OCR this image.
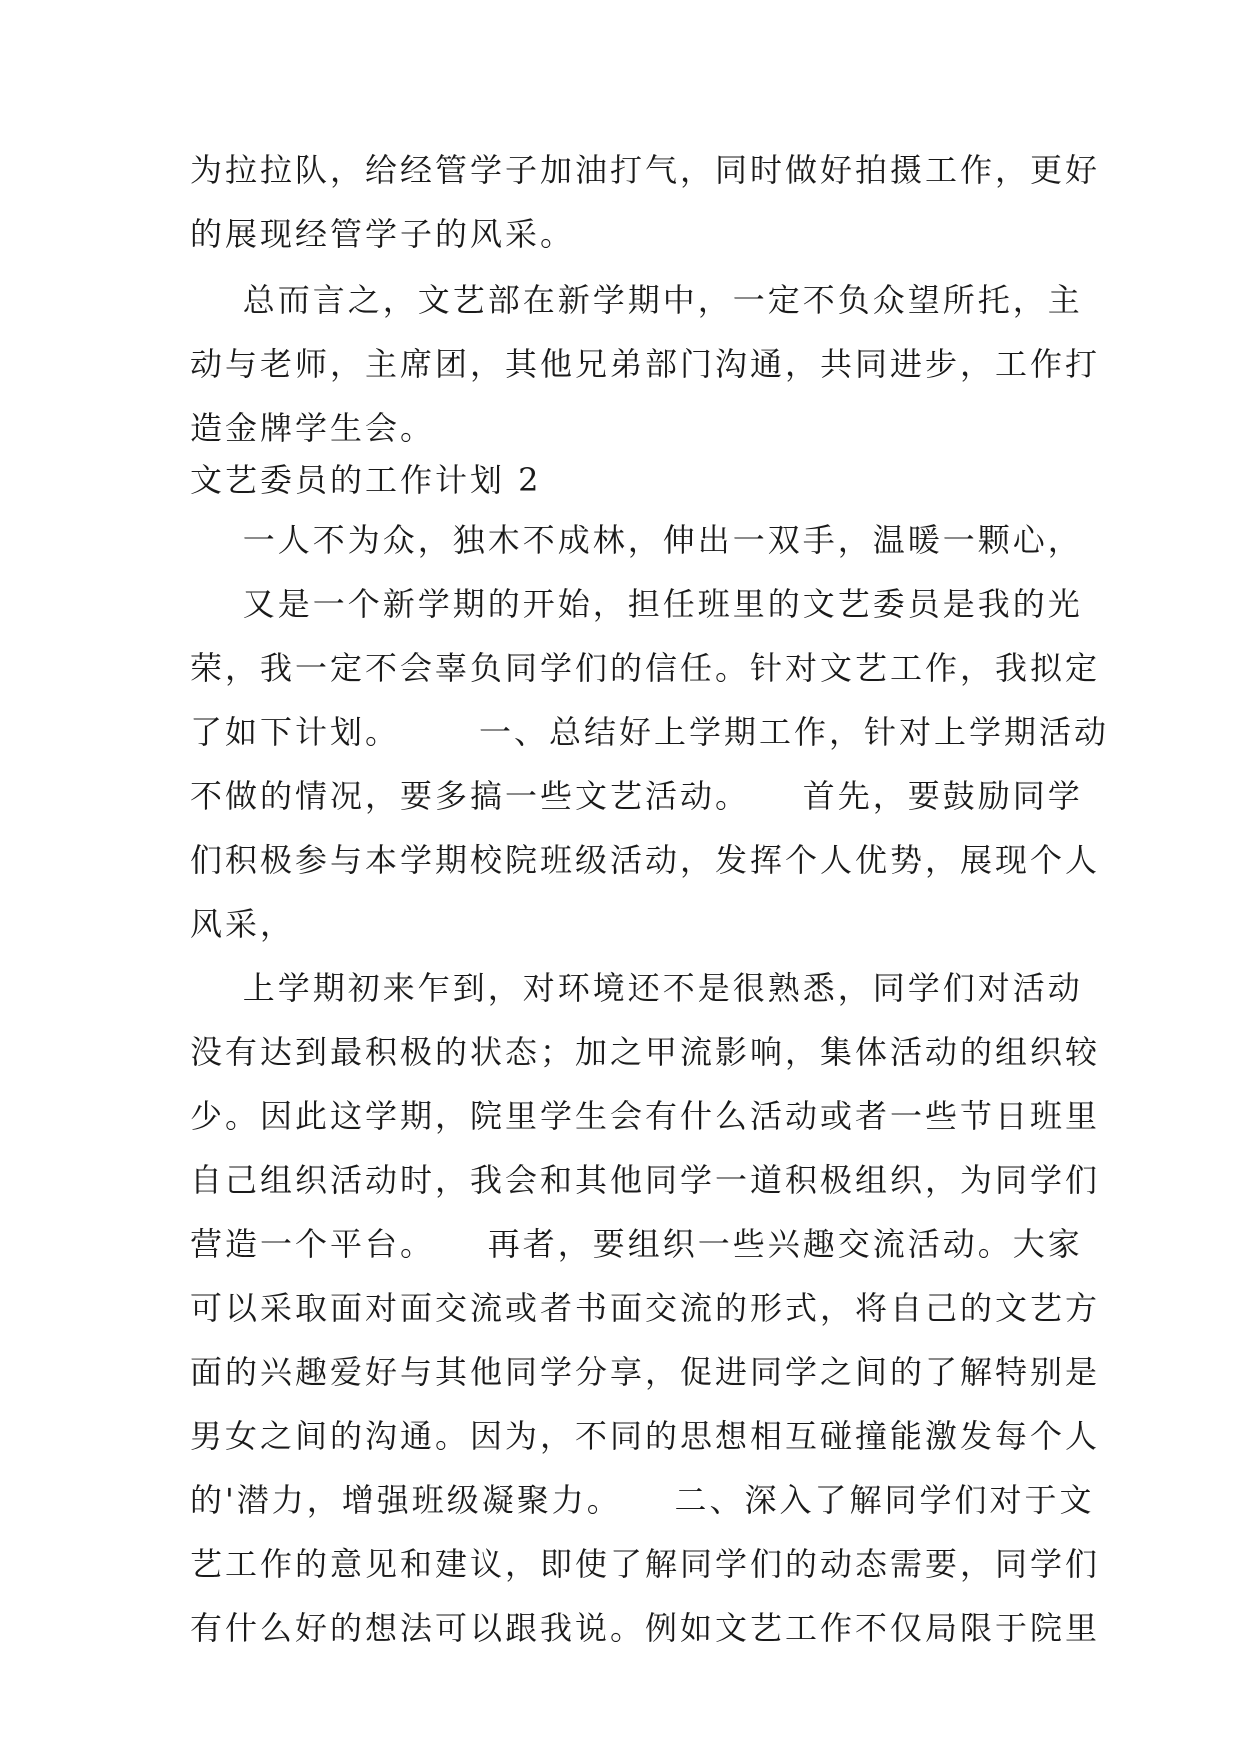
为拉拉队，给经管学子加油打气，同时做好拍摄工作，更好
的展现经管学子的风采。
总而言之，文艺部在新学期中，一定不负众望所托，主
动与老师，主席团，其他兄弟部门沟通，共同进步，工作打
造金牌学生会。
文艺委员的工作计划 2
一人不为众，独木不成林，伸出一双手，温暖一颗心，
又是一个新学期的开始，担任班里的文艺委员是我的光
荣，我一定不会辜负同学们的信任。针对文艺工作，我拟定
了如下计划。      一、总结好上学期工作，针对上学期活动
不做的情况，要多搞一些文艺活动。    首先，要鼓励同学
们积极参与本学期校院班级活动，发挥个人优势，展现个人
风采，
上学期初来乍到，对环境还不是很熟悉，同学们对活动
没有达到最积极的状态；加之甲流影响，集体活动的组织较
少。因此这学期，院里学生会有什么活动或者一些节日班里
自己组织活动时，我会和其他同学一道积极组织，为同学们
营造一个平台。    再者，要组织一些兴趣交流活动。大家
可以采取面对面交流或者书面交流的形式，将自己的文艺方
面的兴趣爱好与其他同学分享，促进同学之间的了解特别是
男女之间的沟通。因为，不同的思想相互碰撞能激发每个人
的'潜力，增强班级凝聚力。    二、深入了解同学们对于文
艺工作的意见和建议，即使了解同学们的动态需要，同学们
有什么好的想法可以跟我说。例如文艺工作不仅局限于院里
